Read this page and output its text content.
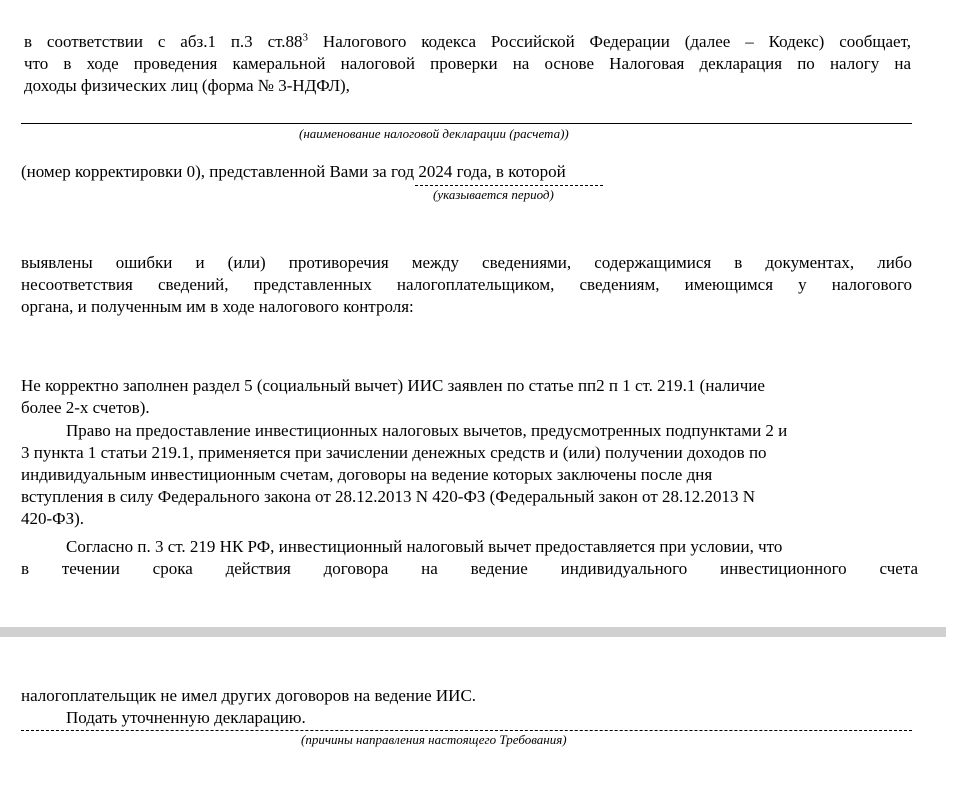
в соответствии с абз.1 п.3 $ст.88^3$ Налогового кодекса Российской Федерации (далее – Кодекс) сообщает,
что в ходе проведения камеральной налоговой проверки на основе Налоговая декларация по налогу на
доходы физических лиц (форма № 3-НДФЛ),
(наименование налоговой декларации (расчета))
(номер корректировки 0), представленной Вами за год 2024 года, в которой
(указывается период)
выявлены ошибки и (или) противоречия между сведениями, содержащимися в документах, либо
несоответствия сведений, представленных налогоплательщиком, сведениям, имеющимся у налогового
органа, и полученным им в ходе налогового контроля:
Не корректно заполнен раздел 5 (социальный вычет) ИИС заявлен по статье пп2 п 1 ст. 219.1 (наличие
более 2-х счетов).
Право на предоставление инвестиционных налоговых вычетов, предусмотренных подпунктами 2 и
3 пункта 1 статьи 219.1, применяется при зачислении денежных средств и (или) получении доходов по
индивидуальным инвестиционным счетам, договоры на ведение которых заключены после дня
вступления в силу Федерального закона от 28.12.2013 N 420-ФЗ (Федеральный закон от 28.12.2013 N
420-ФЗ).
Согласно п. 3 ст. 219 НК РФ, инвестиционный налоговый вычет предоставляется при условии, что
в течении срока действия договора на ведение индивидуального инвестиционного счета
налогоплательщик не имел других договоров на ведение ИИС.
Подать уточненную декларацию.
(причины направления настоящего Требования)
